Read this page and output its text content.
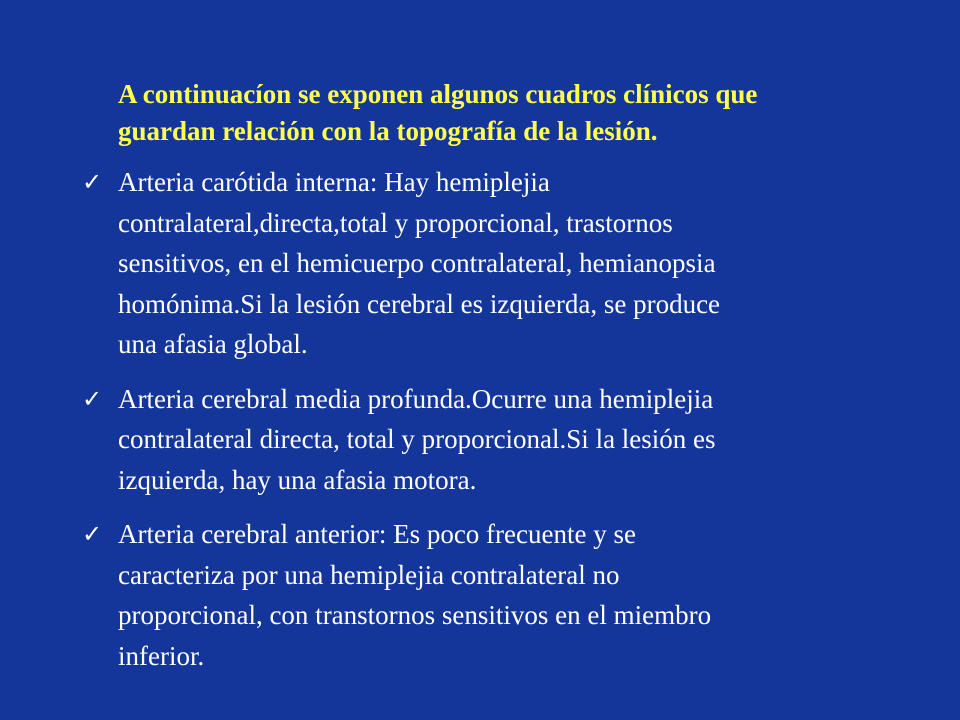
A continuacíon se exponen algunos cuadros clínicos que
guardan relación con la topografía de la lesión.

✓ Arteria carótida interna: Hay hemiplejia
contralateral,directa,total y proporcional, trastornos
sensitivos, en el hemicuerpo contralateral, hemianopsia
homónima.Si la lesión cerebral es izquierda, se produce
una afasia global.
✓ Arteria cerebral media profunda.Ocurre una hemiplejia
contralateral directa, total y proporcional.Si la lesión es
izquierda, hay una afasia motora.
✓ Arteria cerebral anterior: Es poco frecuente y se
caracteriza por una hemiplejia contralateral no
proporcional, con transtornos sensitivos en el miembro
inferior.
